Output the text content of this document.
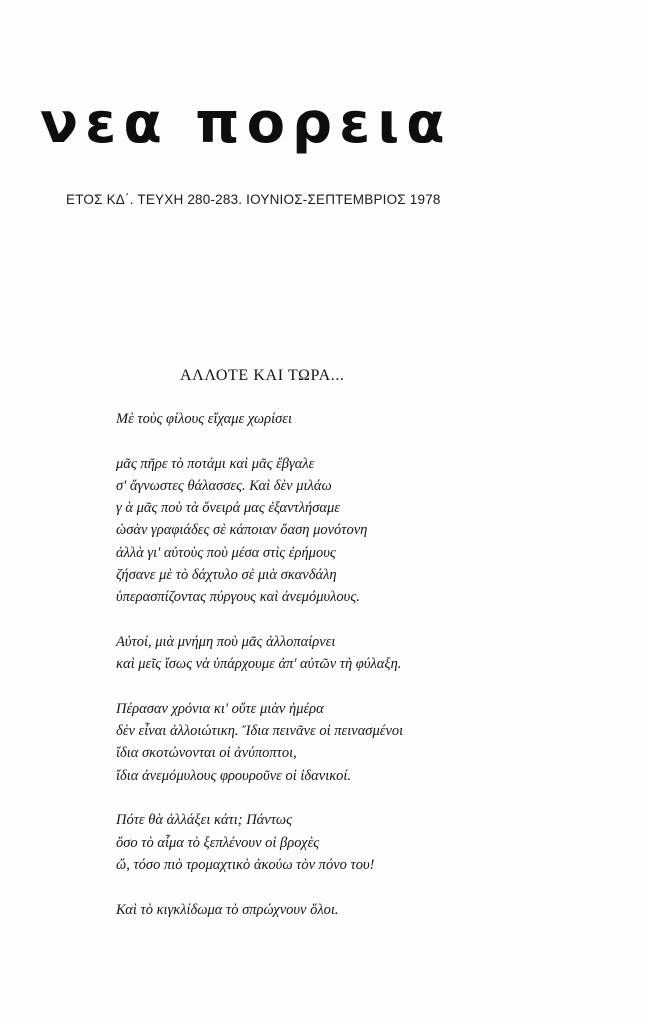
νεα πορεια

ΕΤΟΣ ΚΔ΄. ΤΕΥΧΗ 280-283. ΙΟΥΝΙΟΣ-ΣΕΠΤΕΜΒΡΙΟΣ 1978

ΑΛΛΟΤΕ ΚΑΙ ΤΩΡΑ...

Μὲ τοὺς φίλους εἴχαμε χωρίσει

μᾶς πῆρε τὸ ποτάμι καὶ μᾶς ἔβγαλε
σ' ἄγνωστες θάλασσες. Καὶ δὲν μιλάω
γ ὰ μᾶς ποὺ τὰ ὄνειρά μας ἐξαντλήσαμε
ὡσὰν γραφιάδες σὲ κάποιαν ὄαση μονότονη
ἀλλὰ γι' αὐτοὺς ποὺ μέσα στὶς ἐρήμους
ζήσανε μὲ τὸ δάχτυλο σὲ μιὰ σκανδάλη
ὑπερασπίζοντας πύργους καὶ ἀνεμόμυλους.

Αὐτοί, μιὰ μνήμη ποὺ μᾶς ἀλλοπαίρνει
καὶ μεῖς ἴσως νὰ ὑπάρχουμε ἀπ' αὐτῶν τὴ φύλαξη.

Πέρασαν χρόνια κι' οὔτε μιὰν ἡμέρα
δὲν εἶναι ἀλλοιώτικη. Ἴδια πεινᾶνε οἱ πεινασμένοι
ἴδια σκοτώνονται οἱ ἀνύποπτοι,
ἴδια ἀνεμόμυλους φρουροῦνε οἱ ἰδανικοί.

Πότε θὰ ἀλλάξει κάτι; Πάντως
ὅσο τὸ αἷμα τὸ ξεπλένουν οἱ βροχὲς
ὤ, τόσο πιὸ τρομαχτικὸ ἀκούω τὸν πόνο του!

Καὶ τὸ κιγκλίδωμα τὸ σπρώχνουν ὅλοι.
